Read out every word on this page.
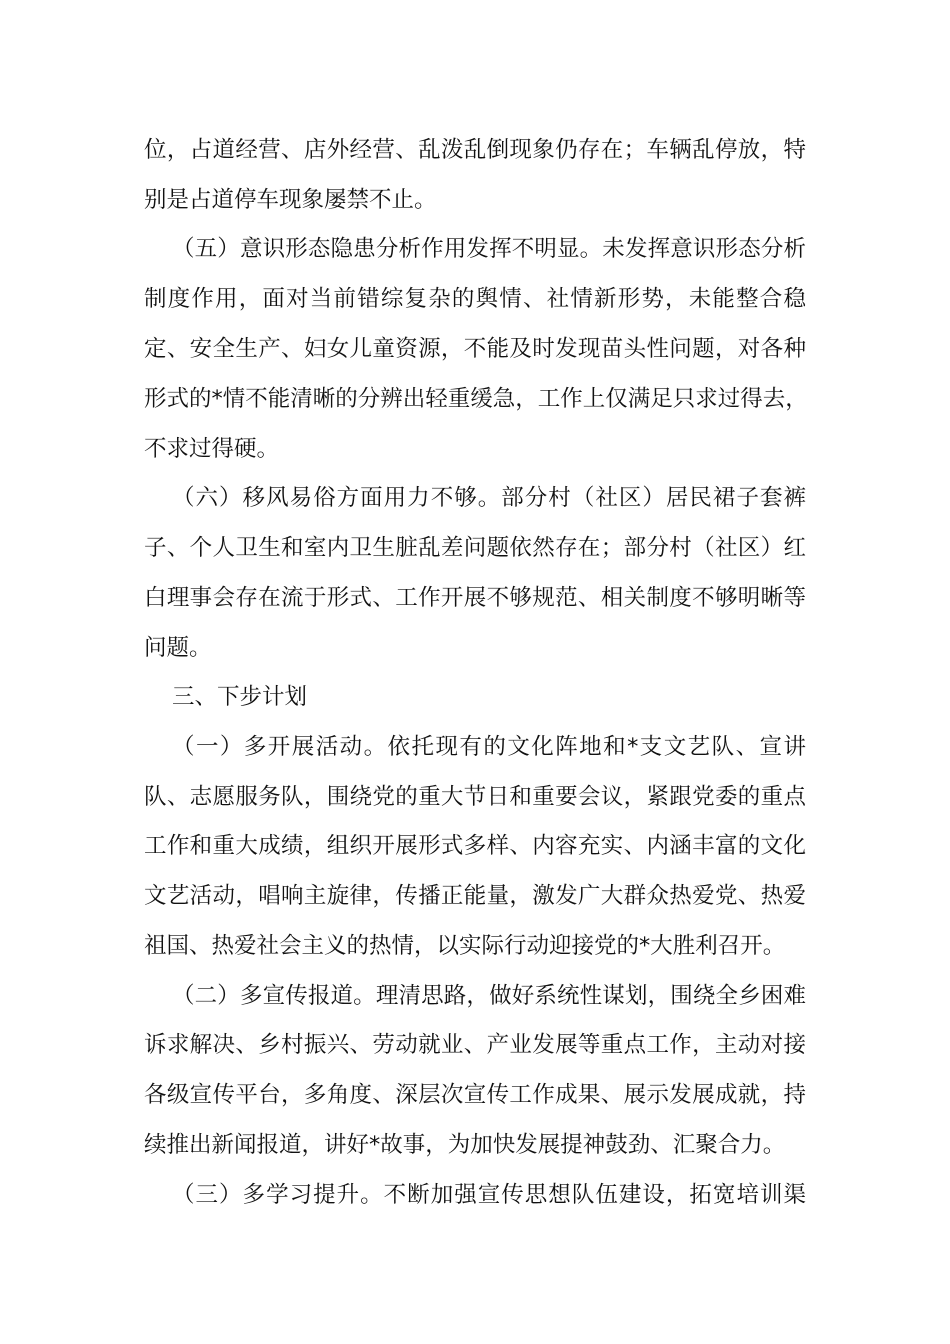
位，占道经营、店外经营、乱泼乱倒现象仍存在；车辆乱停放，特
别是占道停车现象屡禁不止。
（五）意识形态隐患分析作用发挥不明显。未发挥意识形态分析
制度作用，面对当前错综复杂的舆情、社情新形势，未能整合稳
定、安全生产、妇女儿童资源，不能及时发现苗头性问题，对各种
形式的*情不能清晰的分辨出轻重缓急，工作上仅满足只求过得去，
不求过得硬。
（六）移风易俗方面用力不够。部分村（社区）居民裙子套裤
子、个人卫生和室内卫生脏乱差问题依然存在；部分村（社区）红
白理事会存在流于形式、工作开展不够规范、相关制度不够明晰等
问题。
三、下步计划
（一）多开展活动。依托现有的文化阵地和*支文艺队、宣讲
队、志愿服务队，围绕党的重大节日和重要会议，紧跟党委的重点
工作和重大成绩，组织开展形式多样、内容充实、内涵丰富的文化
文艺活动，唱响主旋律，传播正能量，激发广大群众热爱党、热爱
祖国、热爱社会主义的热情，以实际行动迎接党的*大胜利召开。
（二）多宣传报道。理清思路，做好系统性谋划，围绕全乡困难
诉求解决、乡村振兴、劳动就业、产业发展等重点工作，主动对接
各级宣传平台，多角度、深层次宣传工作成果、展示发展成就，持
续推出新闻报道，讲好*故事，为加快发展提神鼓劲、汇聚合力。
（三）多学习提升。不断加强宣传思想队伍建设，拓宽培训渠
